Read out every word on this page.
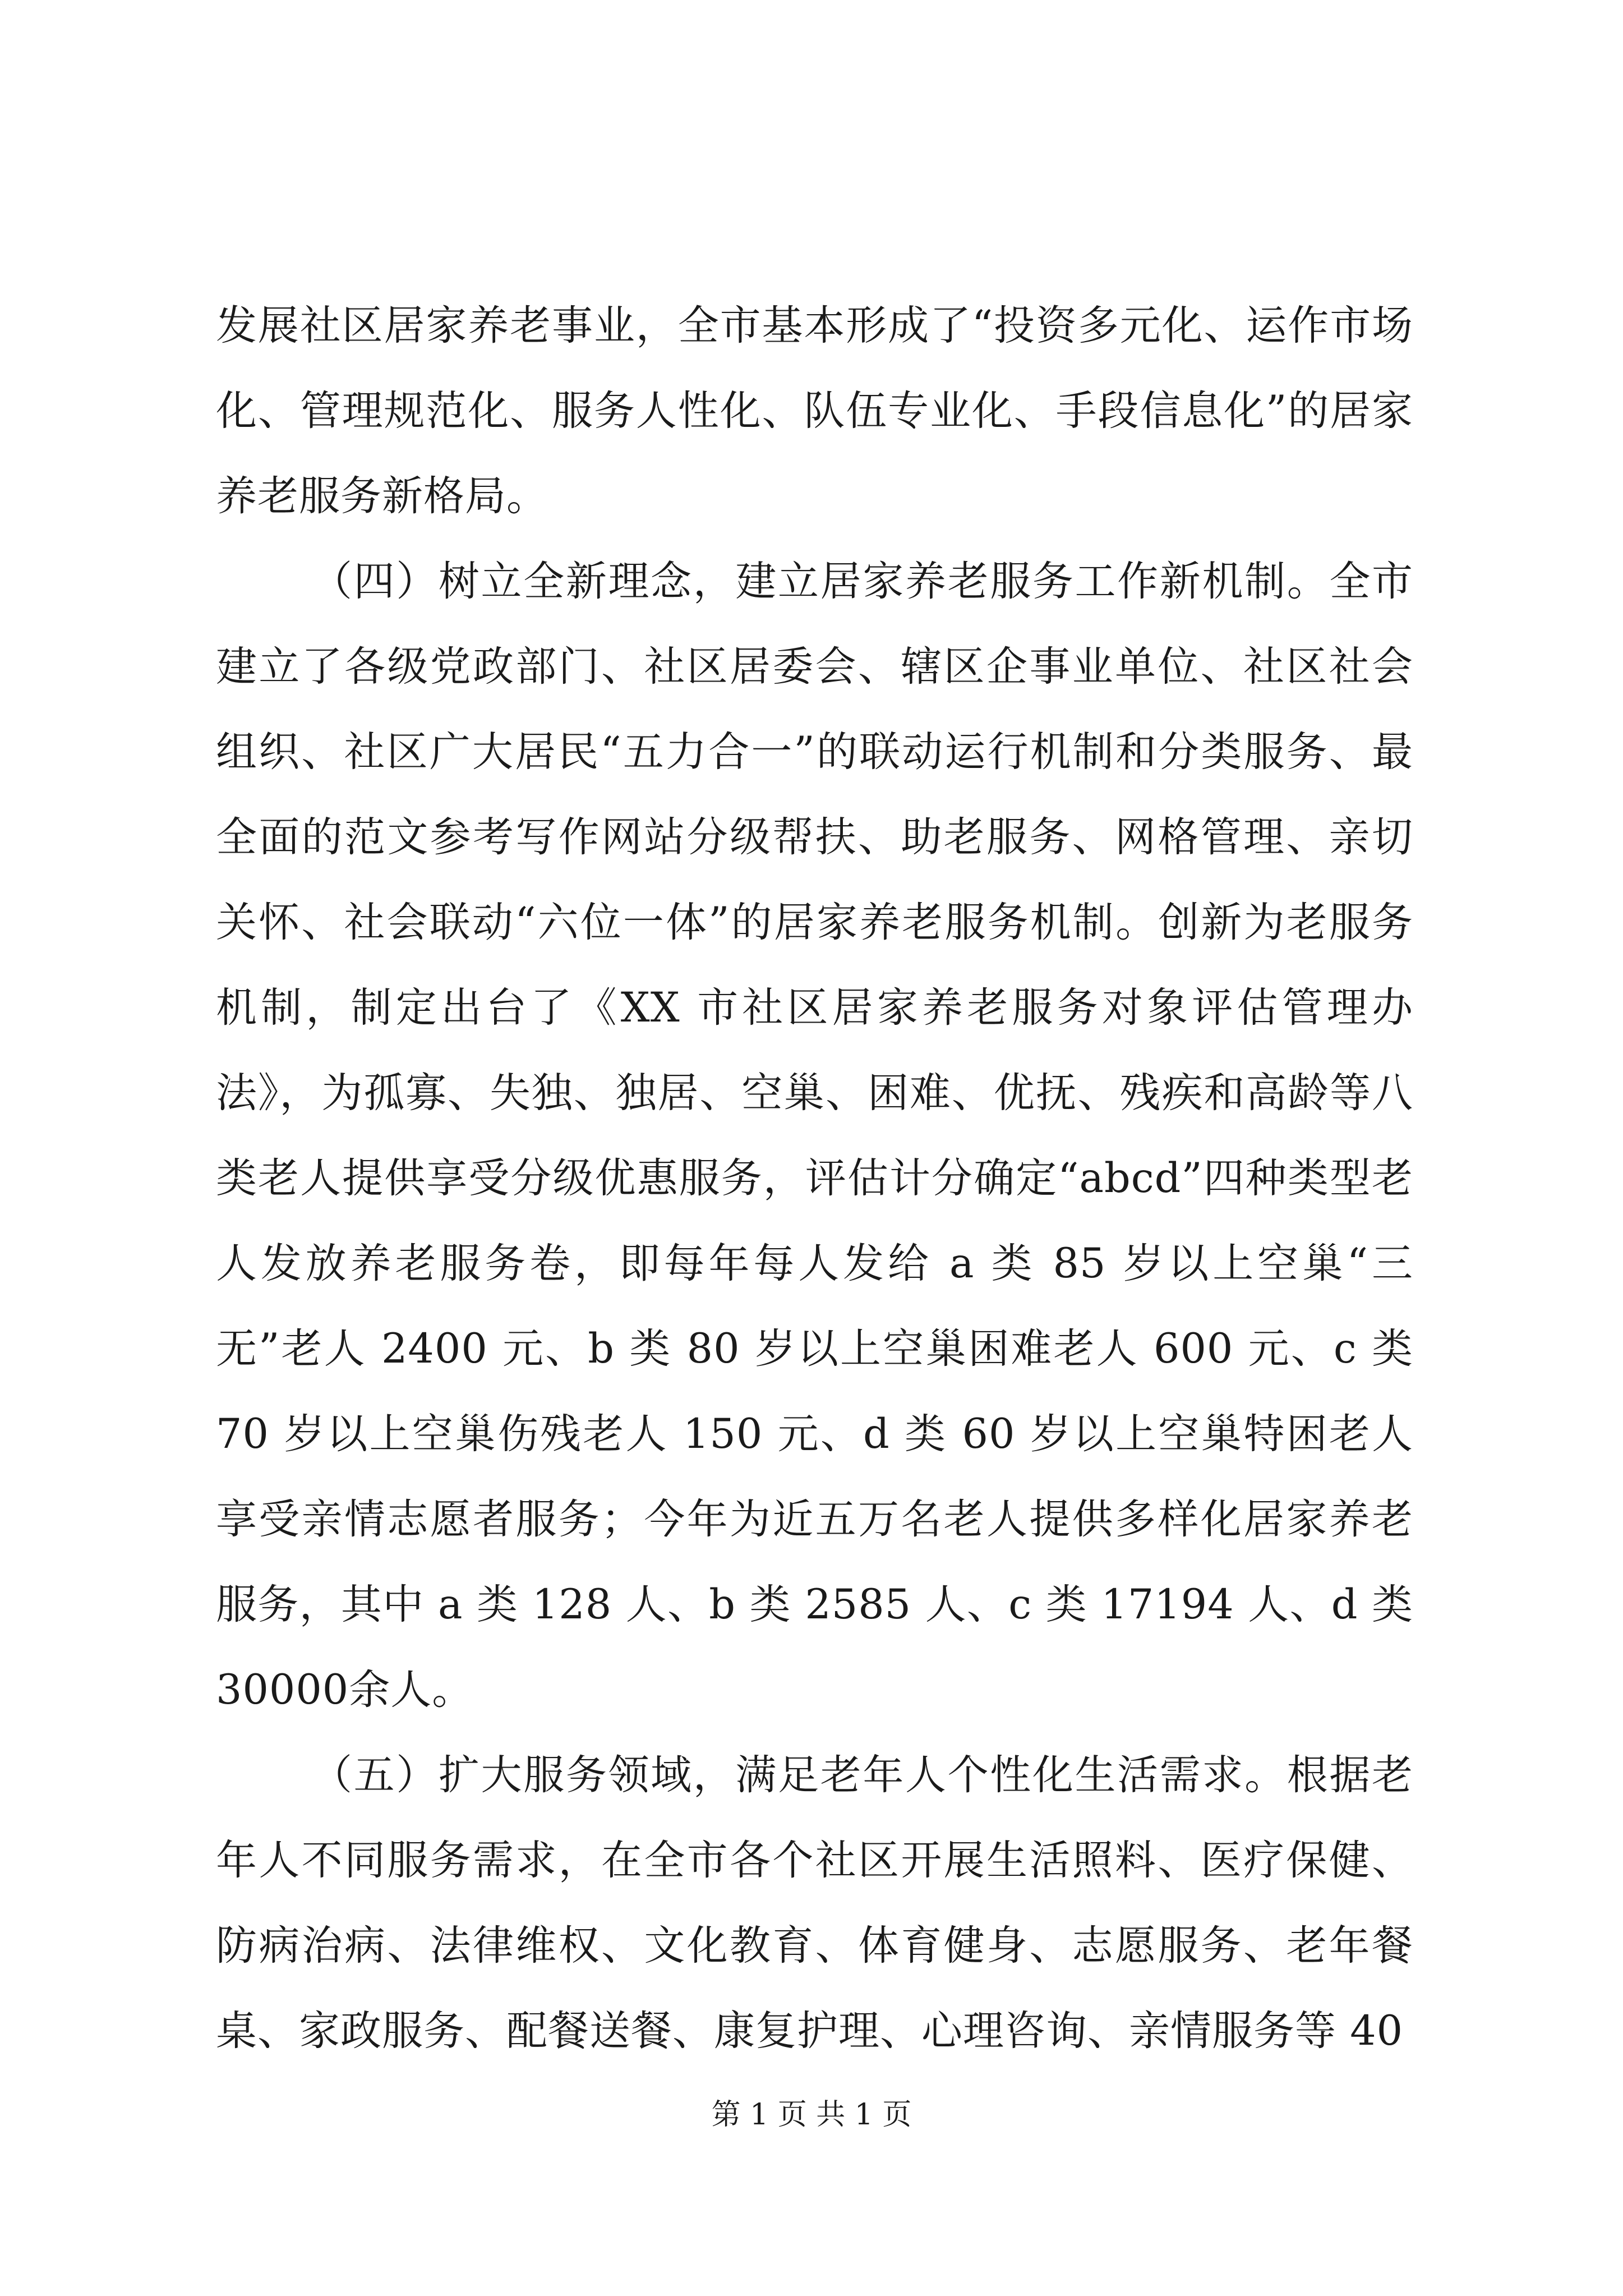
发展社区居家养老事业，全市基本形成了“投资多元化、运作市场化、管理规范化、服务人性化、队伍专业化、手段信息化”的居家养老服务新格局。

（四）树立全新理念，建立居家养老服务工作新机制。全市建立了各级党政部门、社区居委会、辖区企事业单位、社区社会组织、社区广大居民“五力合一”的联动运行机制和分类服务、最全面的范文参考写作网站分级帮扶、助老服务、网格管理、亲切关怀、社会联动“六位一体”的居家养老服务机制。创新为老服务机制，制定出台了《XX 市社区居家养老服务对象评估管理办法》，为孤寡、失独、独居、空巢、困难、优抚、残疾和高龄等八类老人提供享受分级优惠服务，评估计分确定“abcd”四种类型老人发放养老服务卷，即每年每人发给 a 类 85 岁以上空巢“三无”老人 2400 元、b 类 80 岁以上空巢困难老人 600 元、c 类 70 岁以上空巢伤残老人 150 元、d 类 60 岁以上空巢特困老人享受亲情志愿者服务；今年为近五万名老人提供多样化居家养老服务，其中 a 类 128 人、b 类 2585 人、c 类 17194 人、d 类 30000余人。

（五）扩大服务领域，满足老年人个性化生活需求。根据老年人不同服务需求，在全市各个社区开展生活照料、医疗保健、防病治病、法律维权、文化教育、体育健身、志愿服务、老年餐桌、家政服务、配餐送餐、康复护理、心理咨询、亲情服务等 40

第 1 页 共 1 页
